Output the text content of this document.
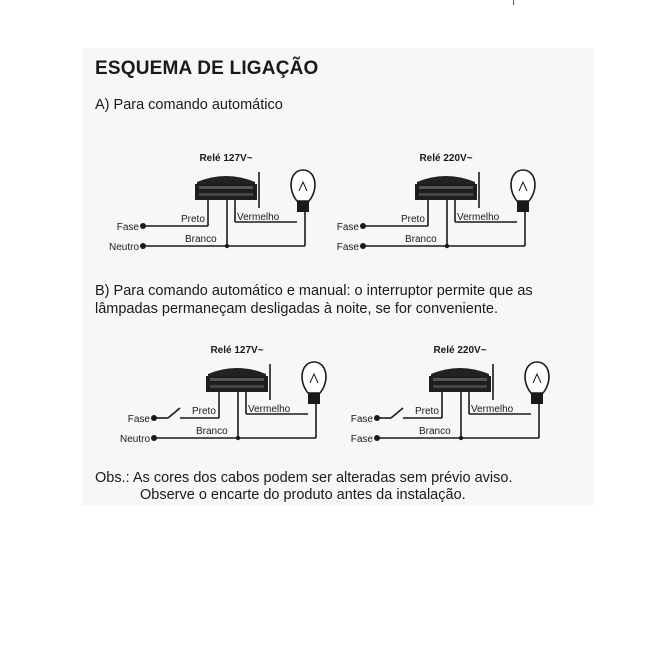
ESQUEMA DE LIGAÇÃO

A) Para comando automático

B) Para comando automático e manual: o interruptor permite que as lâmpadas permaneçam desligadas à noite, se for conveniente.

Obs.: As cores dos cabos podem ser alteradas sem prévio aviso.
Observe o encarte do produto antes da instalação.

Relé 127V~
Vermelho
Branco
Neutro
Preto
Fase
Relé 220V~
Vermelho
Branco
Fase
Preto
Fase
Relé 127V~
Vermelho
Branco
Neutro
Preto
Fase
Relé 220V~
Vermelho
Branco
Fase
Preto
Fase
